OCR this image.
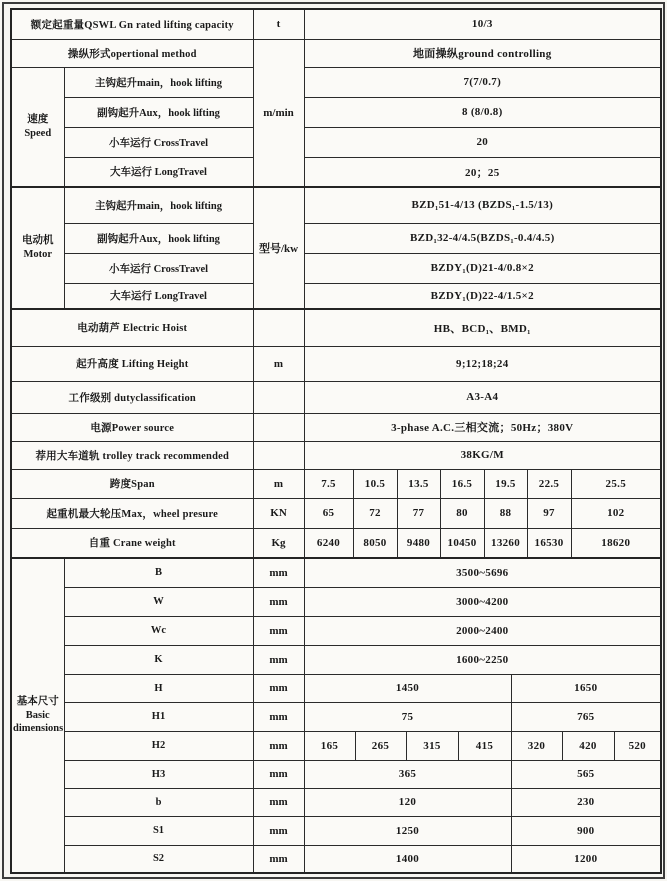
额定起重量QSWL Gn rated lifting capacity		t	10/3						
操纵形式opertional method		m/min	地面操纵ground controlling						

速度
Speed	主钩起升main，hook lifting		7(7/0.7)						
	副钩起升Aux，hook lifting		8 (8/0.8)						
	小车运行 CrossTravel		20						
	大车运行 LongTravel		20；25						

电动机
Motor	主钩起升main，hook lifting	型号/kw	BZD₁51-4/13 (BZDS₁-1.5/13)						
	副钩起升Aux，hook lifting		BZD₁32-4/4.5(BZDS₁-0.4/4.5)						
	小车运行 CrossTravel		BZDY₁(D)21-4/0.8×2						
	大车运行 LongTravel		BZDY₁(D)22-4/1.5×2						
电动葫芦 Electric Hoist			HB、BCD₁、BMD₁						
起升高度 Lifting Height		m	9;12;18;24						
工作级别 dutyclassification			A3-A4						
电源Power source			3-phase A.C.三相交流；50Hz；380V						
荐用大车道轨 trolley track recommended			38KG/M						
跨度Span		m	7.5	10.5	13.5	16.5	19.5	22.5	25.5
起重机最大轮压Max，wheel presure		KN	65	72	77	80	88	97	102
自重 Crane weight		Kg	6240	8050	9480	10450	13260	16530	18620
基本尺寸
Basic
dimensions	B	mm	3500~5696						
	W	mm	3000~4200						
	Wc	mm	2000~2400						
	K	mm	1600~2250						
	H	mm	1450				1650		
	H1	mm	75				765		
	H2	mm	165	265	315	415	320	420	520
	H3	mm	365				565		
	b	mm	120				230		
	S1	mm	1250				900		
	S2	mm	1400				1200		
